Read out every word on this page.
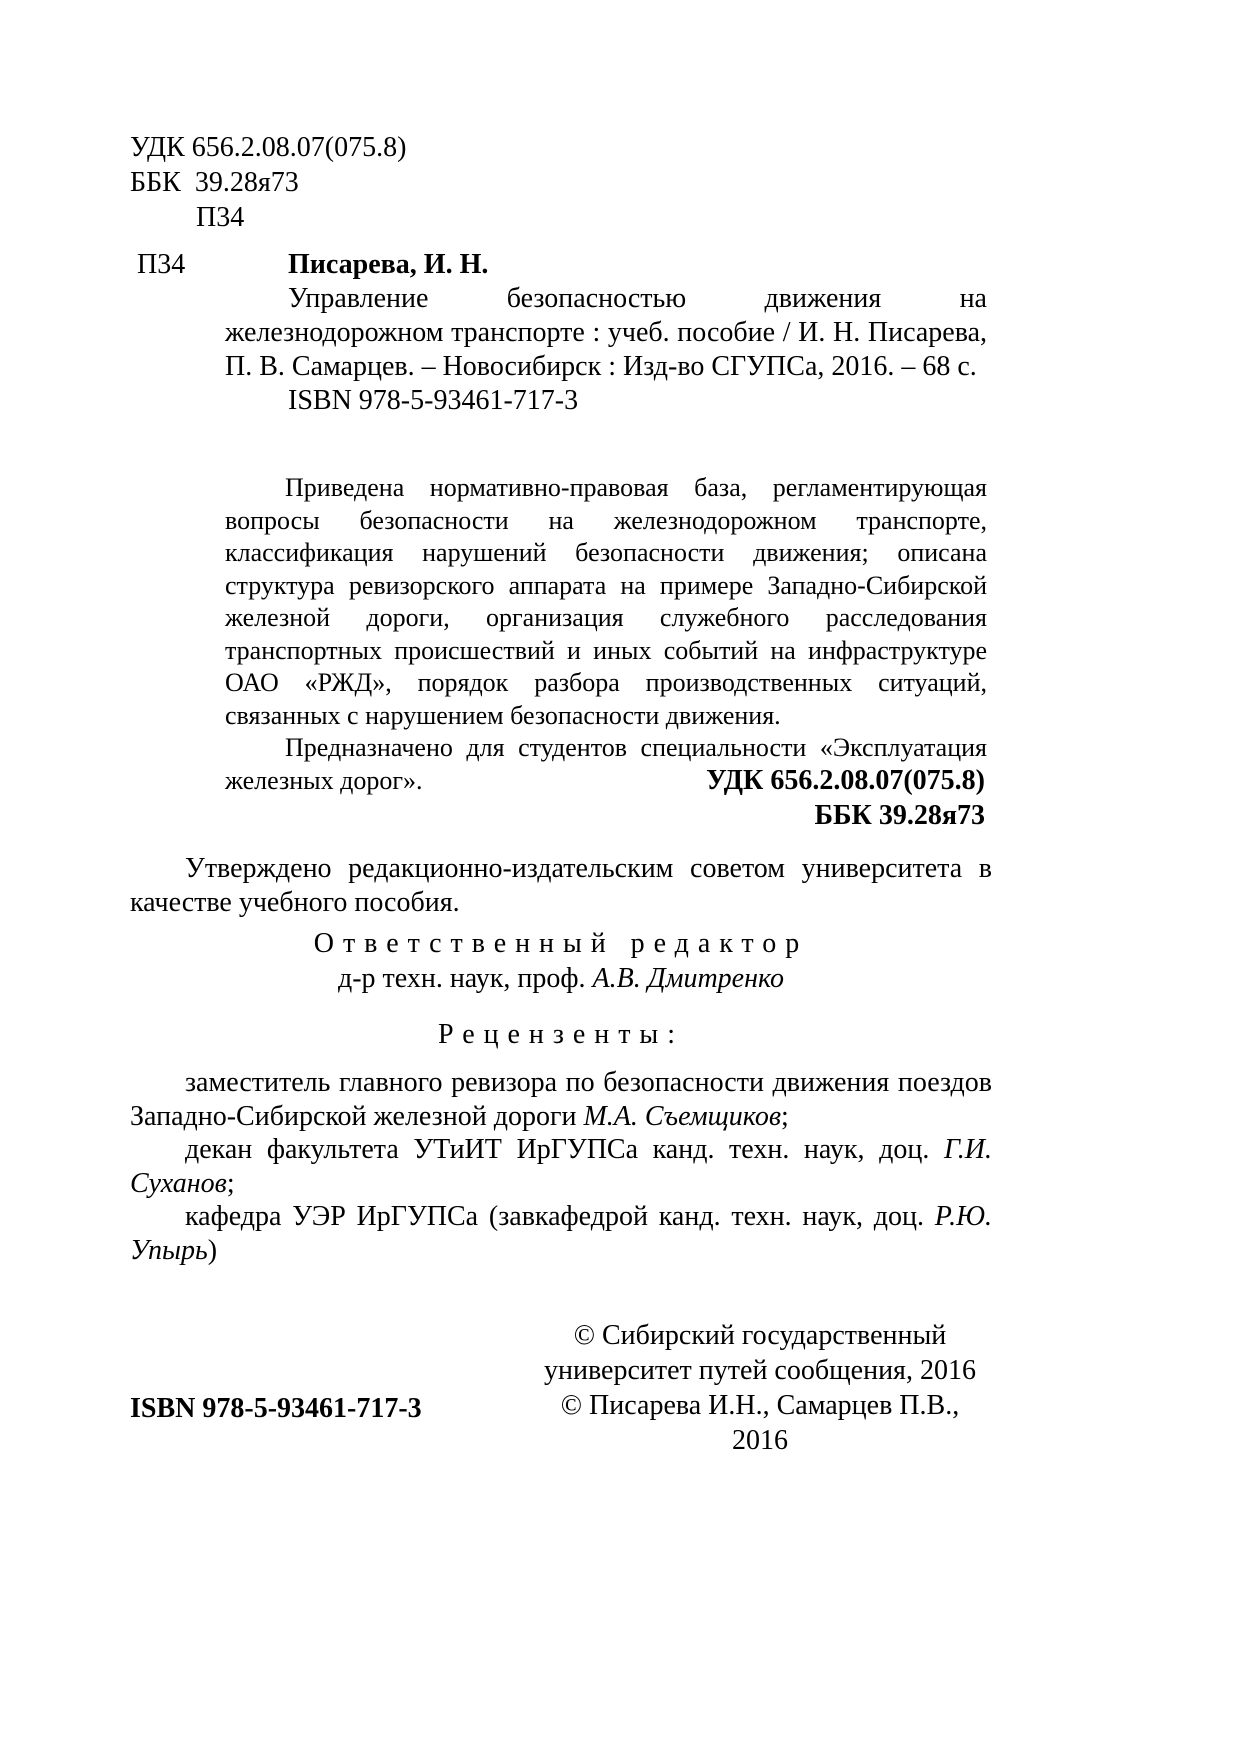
УДК 656.2.08.07(075.8)
ББК  39.28я73
П34
П34	Писарева, И. Н.

Управление безопасностью движения на железнодорожном транспорте : учеб. пособие / И. Н. Писарева, П. В. Самарцев. – Новосибирск : Изд-во СГУПСа, 2016. – 68 с.

ISBN 978-5-93461-717-3

Приведена нормативно-правовая база, регламентирующая вопросы безопасности на железнодорожном транспорте, классификация нарушений безопасности движения; описана структура ревизорского аппарата на примере Западно-Сибирской железной дороги, организация служебного расследования транспортных происшествий и иных событий на инфраструктуре ОАО «РЖД», порядок разбора производственных ситуаций, связанных с нарушением безопасности движения.

Предназначено для студентов специальности «Эксплуатация железных дорог».	УДК 656.2.08.07(075.8)
ББК 39.28я73

Утверждено редакционно-издательским советом университета в качестве учебного пособия.

Ответственный редактор
д-р техн. наук, проф. А.В. Дмитренко
Рецензенты:

заместитель главного ревизора по безопасности движения поездов Западно-Сибирской железной дороги М.А. Съемщиков;

декан факультета УТиИТ ИрГУПСа канд. техн. наук, доц. Г.И. Суханов;

кафедра УЭР ИрГУПСа (завкафедрой канд. техн. наук, доц. Р.Ю. Упырь)

© Сибирский государственный
университет путей сообщения, 2016
© Писарева И.Н., Самарцев П.В., 2016
ISBN 978-5-93461-717-3
